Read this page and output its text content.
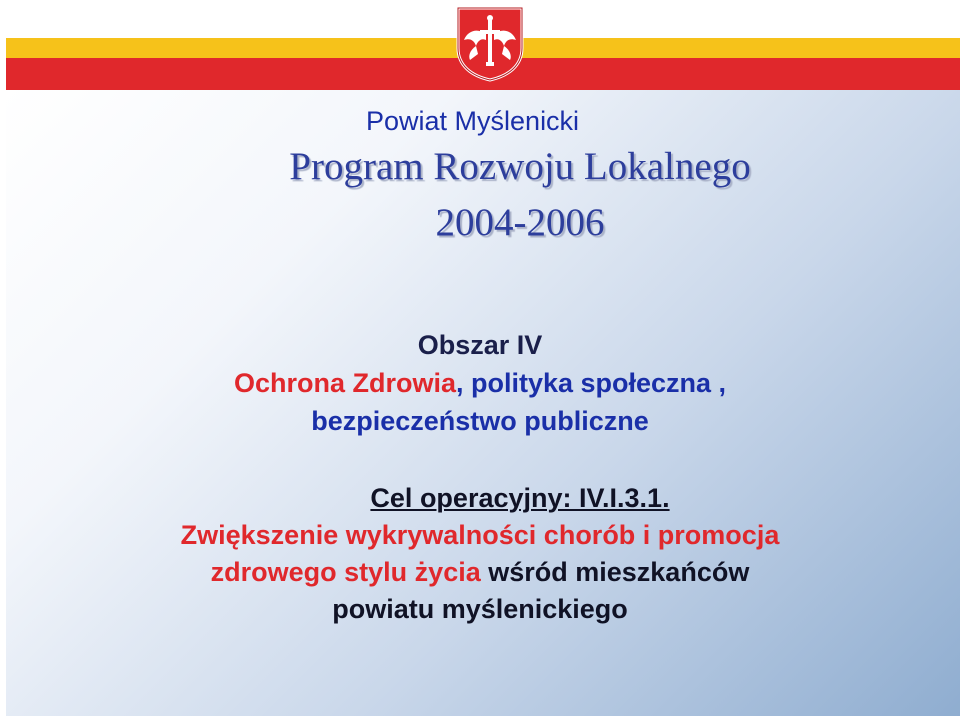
Powiat Myślenicki

Program Rozwoju Lokalnego
2004-2006
Obszar IV
Ochrona Zdrowia, polityka społeczna ,
bezpieczeństwo publiczne
Cel operacyjny: IV.I.3.1.
Zwiększenie wykrywalności chorób i promocja
zdrowego stylu życia wśród mieszkańców
powiatu myślenickiego
